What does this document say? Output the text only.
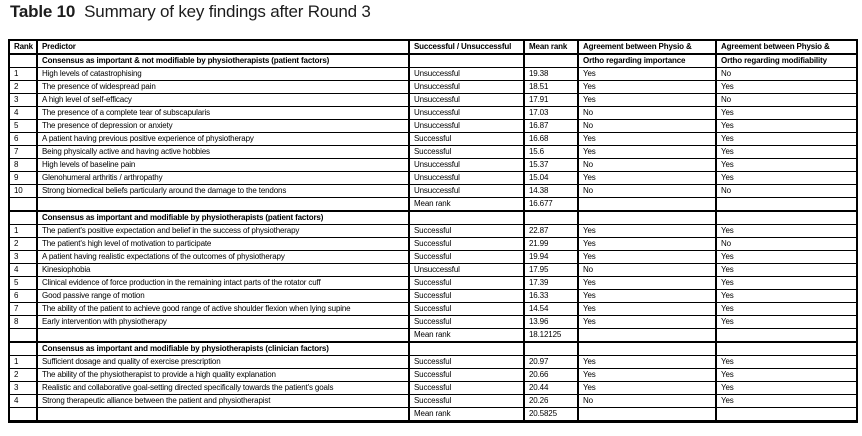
Table 10 Summary of key findings after Round 3
Rank	Predictor	Successful / Unsuccessful	Mean rank	Agreement between Physio &	Agreement between Physio &
	Consensus as important & not modifiable by physiotherapists (patient factors)			Ortho regarding importance	Ortho regarding modifiability
1	High levels of catastrophising	Unsuccessful	19.38	Yes	No
2	The presence of widespread pain	Unsuccessful	18.51	Yes	Yes
3	A high level of self-efficacy	Unsuccessful	17.91	Yes	No
4	The presence of a complete tear of subscapularis	Unsuccessful	17.03	No	Yes
5	The presence of depression or anxiety	Unsuccessful	16.87	No	Yes
6	A patient having previous positive experience of physiotherapy	Successful	16.68	Yes	Yes
7	Being physically active and having active hobbies	Successful	15.6	Yes	Yes
8	High levels of baseline pain	Unsuccessful	15.37	No	Yes
9	Glenohumeral arthritis / arthropathy	Unsuccessful	15.04	Yes	Yes
10	Strong biomedical beliefs particularly around the damage to the tendons	Unsuccessful	14.38	No	No
		Mean rank	16.677		
	Consensus as important and modifiable by physiotherapists (patient factors)				
1	The patient's positive expectation and belief in the success of physiotherapy	Successful	22.87	Yes	Yes
2	The patient's high level of motivation to participate	Successful	21.99	Yes	No
3	A patient having realistic expectations of the outcomes of physiotherapy	Successful	19.94	Yes	Yes
4	Kinesiophobia	Unsuccessful	17.95	No	Yes
5	Clinical evidence of force production in the remaining intact parts of the rotator cuff	Successful	17.39	Yes	Yes
6	Good passive range of motion	Successful	16.33	Yes	Yes
7	The ability of the patient to achieve good range of active shoulder flexion when lying supine	Successful	14.54	Yes	Yes
8	Early intervention with physiotherapy	Successful	13.96	Yes	Yes
		Mean rank	18.12125		
	Consensus as important and modifiable by physiotherapists (clinician factors)				
1	Sufficient dosage and quality of exercise prescription	Successful	20.97	Yes	Yes
2	The ability of the physiotherapist to provide a high quality explanation	Successful	20.66	Yes	Yes
3	Realistic and collaborative goal-setting directed specifically towards the patient's goals	Successful	20.44	Yes	Yes
4	Strong therapeutic alliance between the patient and physiotherapist	Successful	20.26	No	Yes
		Mean rank	20.5825		
